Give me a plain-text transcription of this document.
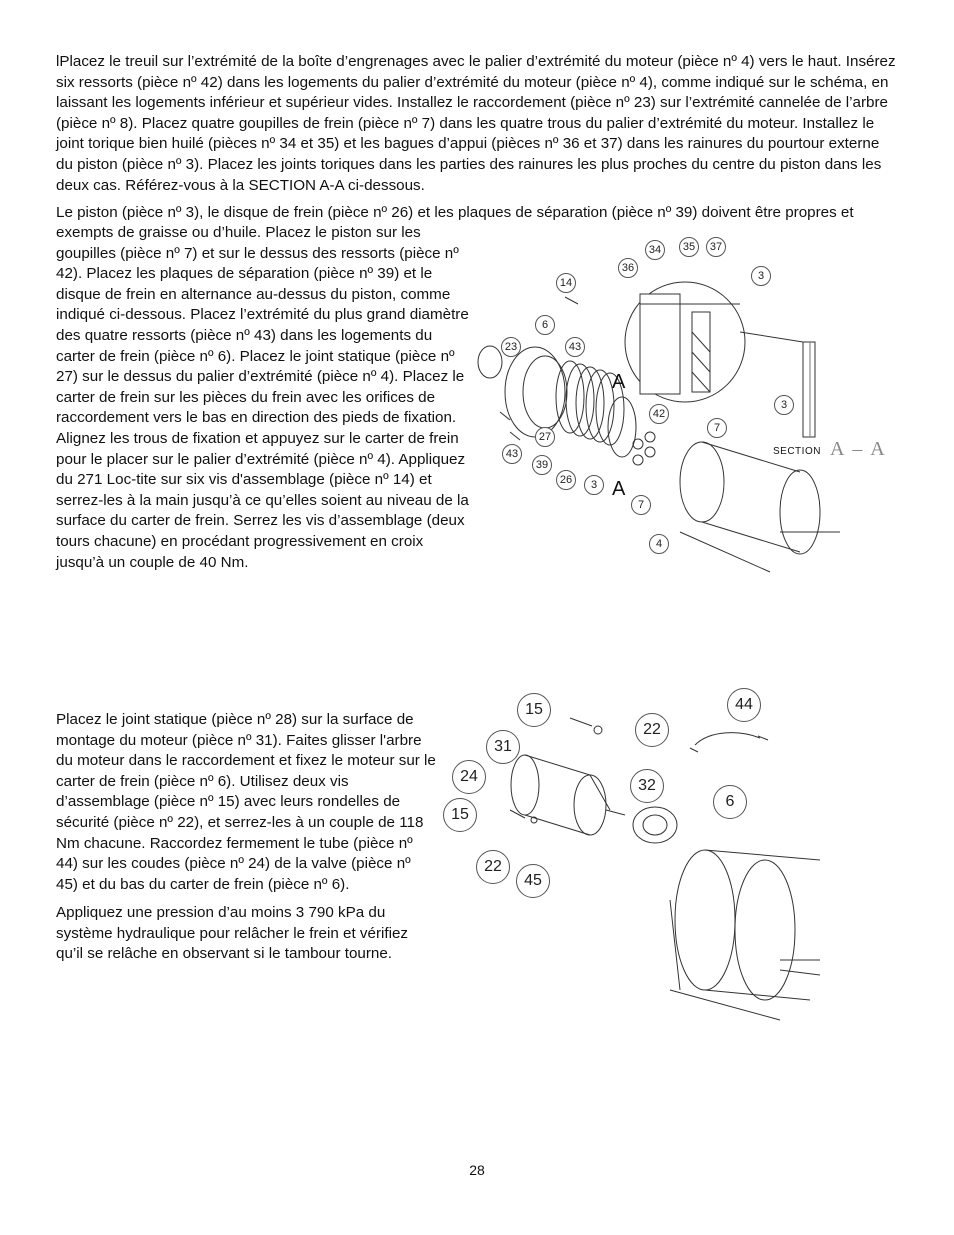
lPlacez le treuil sur l’extrémité de la boîte d’engrenages avec le palier d’extrémité du moteur (pièce nº 4) vers le haut. Insérez six ressorts (pièce nº 42) dans les logements du palier d’extrémité du moteur (pièce nº 4), comme indiqué sur le schéma, en laissant les logements inférieur et supérieur vides. Installez le raccordement (pièce nº 23) sur l’extrémité cannelée de l’arbre (pièce nº 8). Placez quatre goupilles de frein (pièce nº 7) dans les quatre trous du palier d’extrémité du moteur. Installez le joint torique bien huilé (pièces nº 34 et 35) et les bagues d’appui (pièces nº 36 et 37) dans les rainures du pourtour externe du piston (pièce nº 3). Placez les joints toriques dans les parties des rainures les plus proches du centre du piston dans les deux cas. Référez-vous à la SECTION A-A ci-dessous.

Le piston (pièce nº 3), le disque de frein (pièce nº 26) et les plaques de séparation (pièce nº 39) doivent être propres et

exempts de graisse ou d’huile. Placez le piston sur les goupilles (pièce nº 7) et sur le dessus des ressorts (pièce nº 42). Placez les plaques de séparation (pièce nº 39) et le disque de frein en alternance au-dessus du piston, comme indiqué ci-dessous. Placez l’extrémité du plus grand diamètre des quatre ressorts (pièce nº 43) dans les logements du carter de frein (pièce nº 6). Placez le joint statique (pièce nº 27) sur le dessus du palier d’extrémité (pièce nº 4). Placez le carter de frein sur les pièces du frein avec les orifices de raccordement vers le bas en direction des pieds de fixation. Alignez les trous de fixation et appuyez sur le carter de frein pour le placer sur le palier d’extrémité (pièce nº 4). Appliquez du 271 Loc-tite sur six vis d'assemblage (pièce nº 14) et serrez-les à la main jusqu’à ce qu’elles soient au niveau de la surface du carter de frein. Serrez les vis d’assemblage (deux tours chacune) en procédant progressivement en croix jusqu’à un couple de 40 Nm.

34	35	37
36
3
14
6
23	43
42
7
27
43
39
26	3
7
4
3
A
A
SECTION A – A

Placez le joint statique (pièce nº 28) sur la surface de montage du moteur (pièce nº 31). Faites glisser l'arbre du moteur dans le raccordement et fixez le moteur sur le carter de frein (pièce nº 6). Utilisez deux vis d’assemblage (pièce nº 15) avec leurs rondelles de sécurité (pièce nº 22), et serrez-les à un couple de 118 Nm chacune. Raccordez fermement le tube (pièce nº 44) sur les coudes (pièce nº 24) de la valve (pièce nº 45) et du bas du carter de frein (pièce nº 6).

Appliquez une pression d’au moins 3 790 kPa du système hydraulique pour relâcher le frein et vérifiez qu’il se relâche en observant si le tambour tourne.

15	44
22
31
24
32
6
15
22
45
28
